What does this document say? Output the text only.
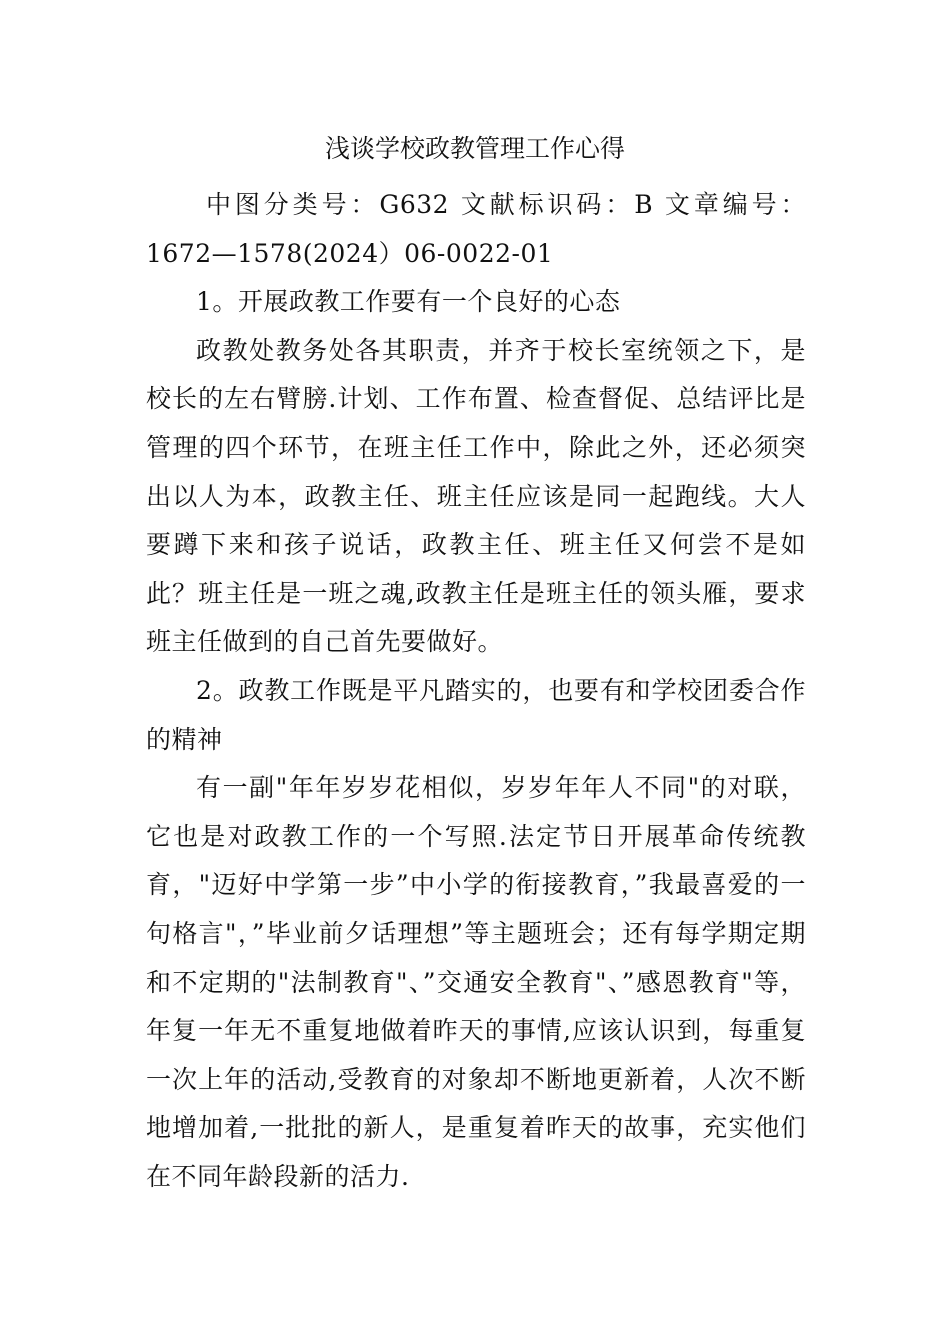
浅谈学校政教管理工作心得

中图分类号：G632 文献标识码：B 文章编号：1672—1578(2024）06-0022-01

1。开展政教工作要有一个良好的心态

政教处教务处各其职责，并齐于校长室统领之下，是校长的左右臂膀.计划、工作布置、检查督促、总结评比是管理的四个环节，在班主任工作中，除此之外，还必须突出以人为本，政教主任、班主任应该是同一起跑线。大人要蹲下来和孩子说话，政教主任、班主任又何尝不是如此？班主任是一班之魂,政教主任是班主任的领头雁，要求班主任做到的自己首先要做好。

2。政教工作既是平凡踏实的，也要有和学校团委合作的精神

有一副"年年岁岁花相似，岁岁年年人不同"的对联，它也是对政教工作的一个写照.法定节日开展革命传统教育，"迈好中学第一步”中小学的衔接教育，”我最喜爱的一句格言"，”毕业前夕话理想”等主题班会；还有每学期定期和不定期的"法制教育"、”交通安全教育"、”感恩教育"等，年复一年无不重复地做着昨天的事情,应该认识到，每重复一次上年的活动,受教育的对象却不断地更新着，人次不断地增加着,一批批的新人，是重复着昨天的故事，充实他们在不同年龄段新的活力.
